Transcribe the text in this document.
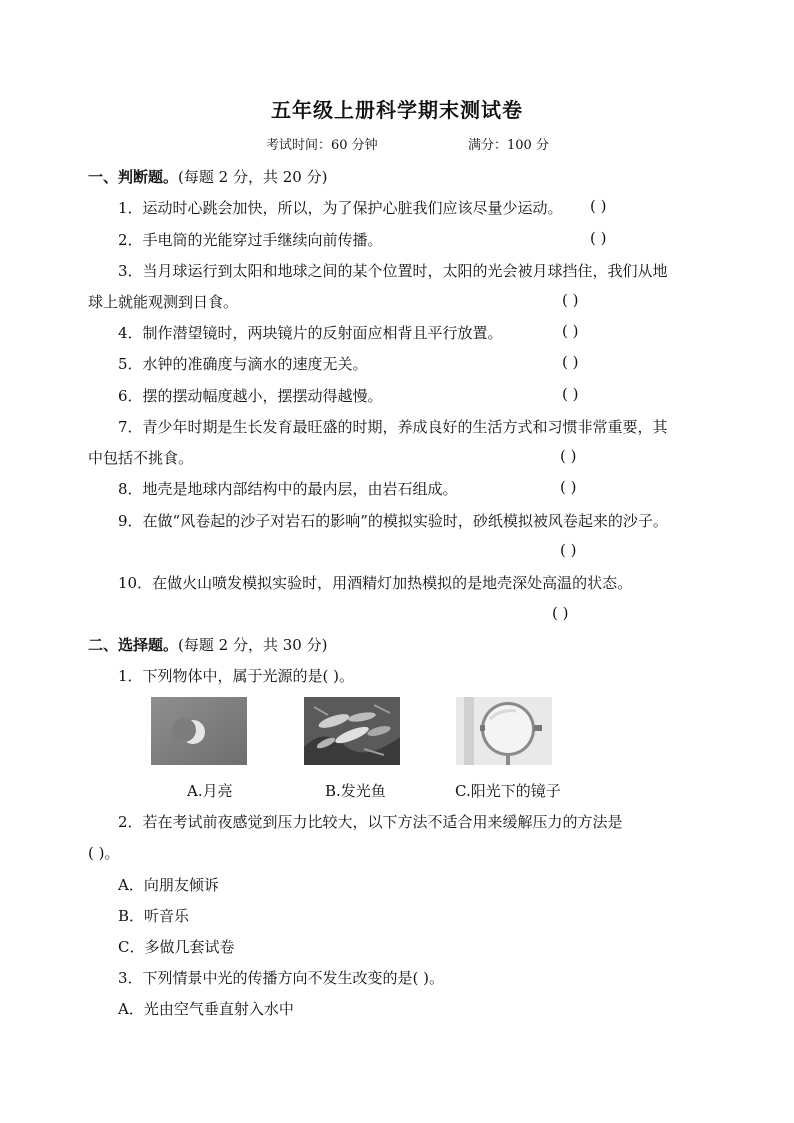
五年级上册科学期末测试卷
考试时间：60 分钟	满分：100 分
一、判断题。(每题 2 分，共 20 分)
1．运动时心跳会加快，所以，为了保护心脏我们应该尽量少运动。 ( )
2．手电筒的光能穿过手继续向前传播。	( )
3．当月球运行到太阳和地球之间的某个位置时，太阳的光会被月球挡住，我们从地
球上就能观测到日食。	( )
4．制作潜望镜时，两块镜片的反射面应相背且平行放置。	( )
5．水钟的准确度与滴水的速度无关。	( )
6．摆的摆动幅度越小，摆摆动得越慢。	( )
7．青少年时期是生长发育最旺盛的时期，养成良好的生活方式和习惯非常重要，其
中包括不挑食。	( )
8．地壳是地球内部结构中的最内层，由岩石组成。	( )
9．在做“风卷起的沙子对岩石的影响”的模拟实验时，砂纸模拟被风卷起来的沙子。
( )
10．在做火山喷发模拟实验时，用酒精灯加热模拟的是地壳深处高温的状态。
( )
二、选择题。(每题 2 分，共 30 分)
1．下列物体中，属于光源的是( )。
A.月亮	B.发光鱼	C.阳光下的镜子
2．若在考试前夜感觉到压力比较大，以下方法不适合用来缓解压力的方法是
( )。
A．向朋友倾诉
B．听音乐
C．多做几套试卷
3．下列情景中光的传播方向不发生改变的是( )。
A．光由空气垂直射入水中
